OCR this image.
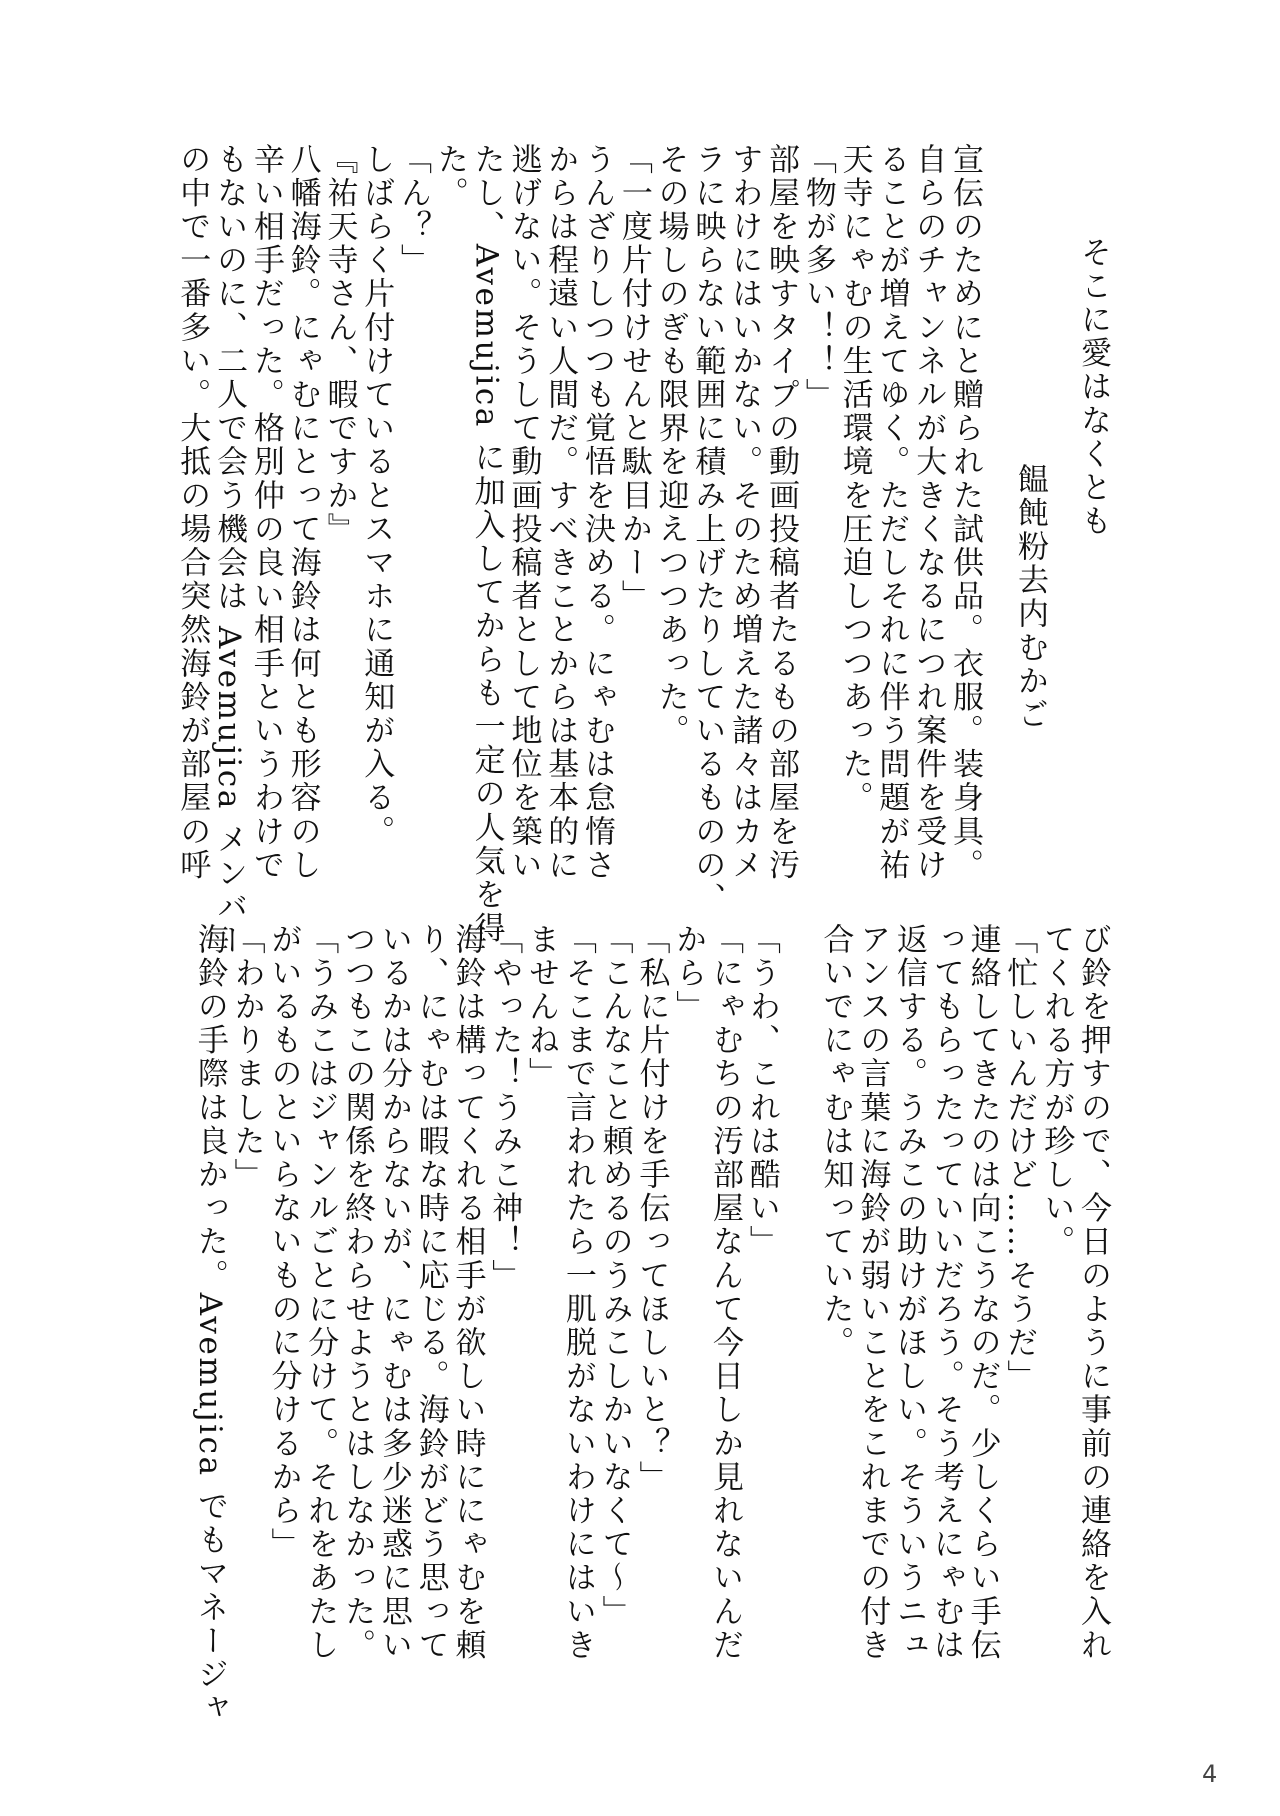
そこに愛はなくとも
饂飩粉去内むかご
宣伝のためにと贈られた試供品。衣服。装身具。
自らのチャンネルが大きくなるにつれ案件を受け
ることが増えてゆく。ただしそれに伴う問題が祐
天寺にゃむの生活環境を圧迫しつつあった。
「物が多い！！」
部屋を映すタイプの動画投稿者たるもの部屋を汚
すわけにはいかない。そのため増えた諸々はカメ
ラに映らない範囲に積み上げたりしているものの、
その場しのぎも限界を迎えつつあった。
「一度片付けせんと駄目かー」
うんざりしつつも覚悟を決める。にゃむは怠惰さ
からは程遠い人間だ。すべきことからは基本的に
逃げない。そうして動画投稿者として地位を築い
たし、Avemujica に加入してからも一定の人気を得
た。
「ん？」
しばらく片付けているとスマホに通知が入る。
『祐天寺さん、暇ですか』
八幡海鈴。にゃむにとって海鈴は何とも形容のし
辛い相手だった。格別仲の良い相手というわけで
もないのに、二人で会う機会は Avemujica メンバー
の中で一番多い。大抵の場合突然海鈴が部屋の呼
び鈴を押すので、今日のように事前の連絡を入れ
てくれる方が珍しい。
「忙しいんだけど……そうだ」
連絡してきたのは向こうなのだ。少しくらい手伝
ってもらったっていいだろう。そう考えにゃむは
返信する。うみこの助けがほしい。そういうニュ
アンスの言葉に海鈴が弱いことをこれまでの付き
合いでにゃむは知っていた。

「うわ、これは酷い」
「にゃむちの汚部屋なんて今日しか見れないんだ
から」
「私に片付けを手伝ってほしいと？」
「こんなこと頼めるのうみこしかいなくて〜」
「そこまで言われたら一肌脱がないわけにはいき
ませんね」
「やった！うみこ神！」
海鈴は構ってくれる相手が欲しい時ににゃむを頼
り、にゃむは暇な時に応じる。海鈴がどう思って
いるかは分からないが、にゃむは多少迷惑に思い
つつもこの関係を終わらせようとはしなかった。
「うみこはジャンルごとに分けて。それをあたし
がいるものといらないものに分けるから」
「わかりました」
海鈴の手際は良かった。Avemujica でもマネージャ
4
